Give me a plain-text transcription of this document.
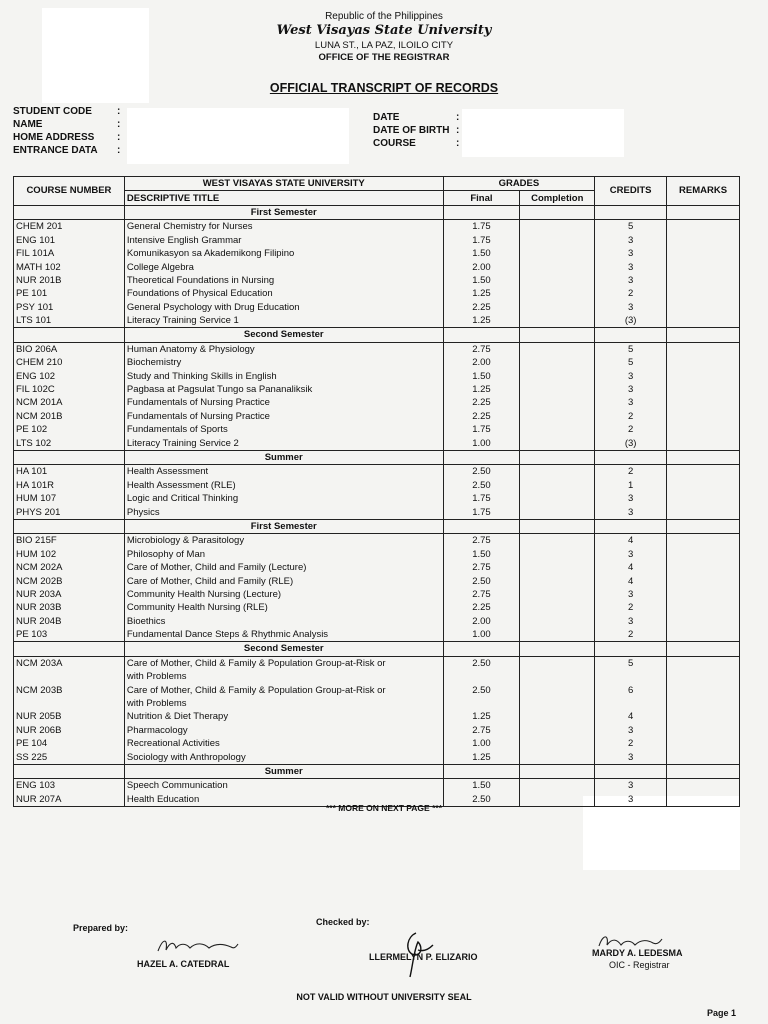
Republic of the Philippines
West Visayas State University
LUNA ST., LA PAZ, ILOILO CITY
OFFICE OF THE REGISTRAR
OFFICIAL TRANSCRIPT OF RECORDS
STUDENT CODE
NAME
HOME ADDRESS
ENTRANCE DATA
:
:
:
:
DATE
DATE OF BIRTH
COURSE
:
:
:
COURSE NUMBER	WEST VISAYAS STATE UNIVERSITY	GRADES		CREDITS	REMARKS
	DESCRIPTIVE TITLE	Final	Completion		
	First Semester				
CHEM 201	General Chemistry for Nurses	1.75		5	
ENG 101	Intensive English Grammar	1.75		3	
FIL 101A	Komunikasyon sa Akademikong Filipino	1.50		3	
MATH 102	College Algebra	2.00		3	
NUR 201B	Theoretical Foundations in Nursing	1.50		3	
PE 101	Foundations of Physical Education	1.25		2	
PSY 101	General Psychology with Drug Education	2.25		3	
LTS 101	Literacy Training Service 1	1.25		(3)	
	Second Semester				
BIO 206A	Human Anatomy & Physiology	2.75		5	
CHEM 210	Biochemistry	2.00		5	
ENG 102	Study and Thinking Skills in English	1.50		3	
FIL 102C	Pagbasa at Pagsulat Tungo sa Pananaliksik	1.25		3	
NCM 201A	Fundamentals of Nursing Practice	2.25		3	
NCM 201B	Fundamentals of Nursing Practice	2.25		2	
PE 102	Fundamentals of Sports	1.75		2	
LTS 102	Literacy Training Service 2	1.00		(3)	
	Summer				
HA 101	Health Assessment	2.50		2	
HA 101R	Health Assessment (RLE)	2.50		1	
HUM 107	Logic and Critical Thinking	1.75		3	
PHYS 201	Physics	1.75		3	
	First Semester				
BIO 215F	Microbiology & Parasitology	2.75		4	
HUM 102	Philosophy of Man	1.50		3	
NCM 202A	Care of Mother, Child and Family (Lecture)	2.75		4	
NCM 202B	Care of Mother, Child and Family (RLE)	2.50		4	
NUR 203A	Community Health Nursing (Lecture)	2.75		3	
NUR 203B	Community Health Nursing (RLE)	2.25		2	
NUR 204B	Bioethics	2.00		3	
PE 103	Fundamental Dance Steps & Rhythmic Analysis	1.00		2	
	Second Semester				
NCM 203A	Care of Mother, Child & Family & Population Group-at-Risk or	2.50		5	
	with Problems				
NCM 203B	Care of Mother, Child & Family & Population Group-at-Risk or	2.50		6	
	with Problems				
NUR 205B	Nutrition & Diet Therapy	1.25		4	
NUR 206B	Pharmacology	2.75		3	
PE 104	Recreational Activities	1.00		2	
SS 225	Sociology with Anthropology	1.25		3	
	Summer				
ENG 103	Speech Communication	1.50		3	
NUR 207A	Health Education	2.50		3	
*** MORE ON NEXT PAGE ***
Prepared by:
Checked by:
HAZEL A. CATEDRAL
LLERMELYN P. ELIZARIO	MARDY A. LEDESMA
OIC - Registrar
NOT VALID WITHOUT UNIVERSITY SEAL
Page 1
